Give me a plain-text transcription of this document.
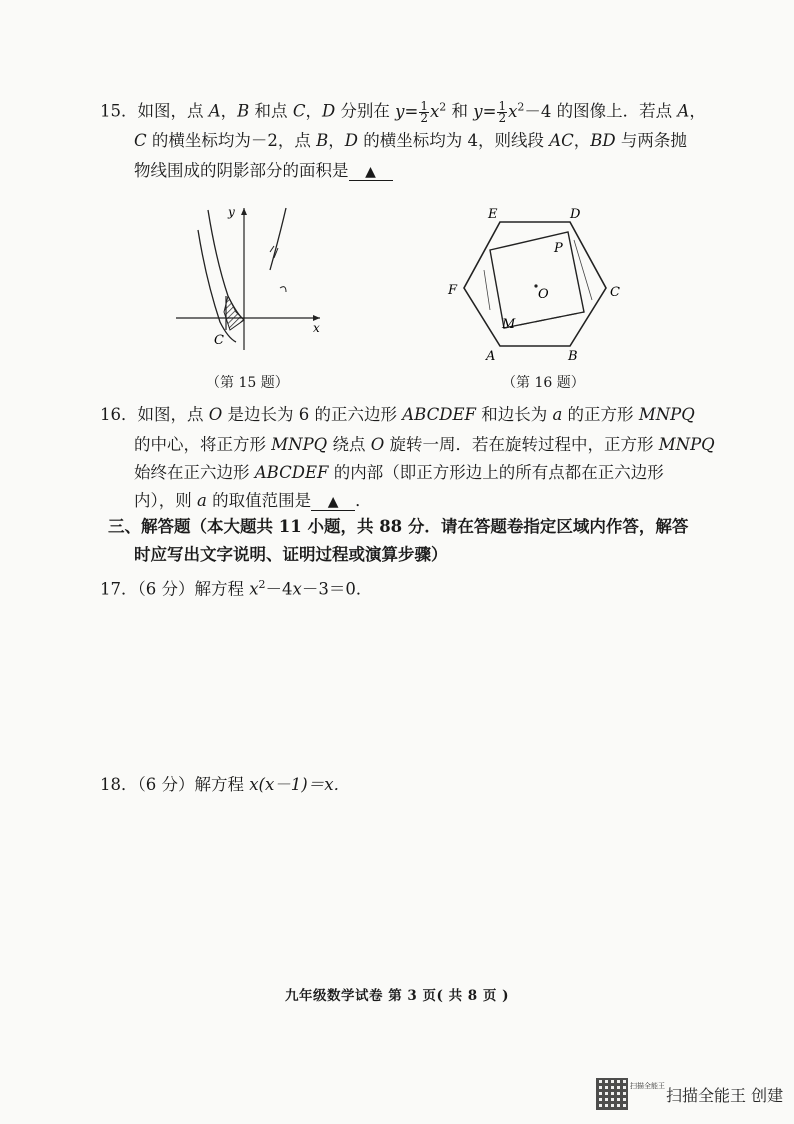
15．如图，点 A，B 和点 C，D 分别在 $y= \frac{1}{2} x^2$ 和 $y= \frac{1}{2} x^2-4$ 的图像上．若点 A，
C 的横坐标均为－2，点 B，D 的横坐标均为 4，则线段 AC，BD 与两条抛
物线围成的阴影部分的面积是 ▲
y
x
C
（第 15 题）
E	D
F	C
A	B
O
P
M
（第 16 题）
16．如图，点 O 是边长为 6 的正六边形 ABCDEF 和边长为 a 的正方形 MNPQ
的中心，将正方形 MNPQ 绕点 O 旋转一周．若在旋转过程中，正方形 MNPQ
始终在正六边形 ABCDEF 的内部（即正方形边上的所有点都在正六边形
内），则 a 的取值范围是 ▲ ．
三、解答题（本大题共 11 小题，共 88 分．请在答题卷指定区域内作答，解答
时应写出文字说明、证明过程或演算步骤）
17．（6 分）解方程 $x^2-4x-3=0$．
18．（6 分）解方程 x(x－1)＝x．
九年级数学试卷 第 3 页( 共 8 页 )
扫描全能王 扫描全能王 创建
